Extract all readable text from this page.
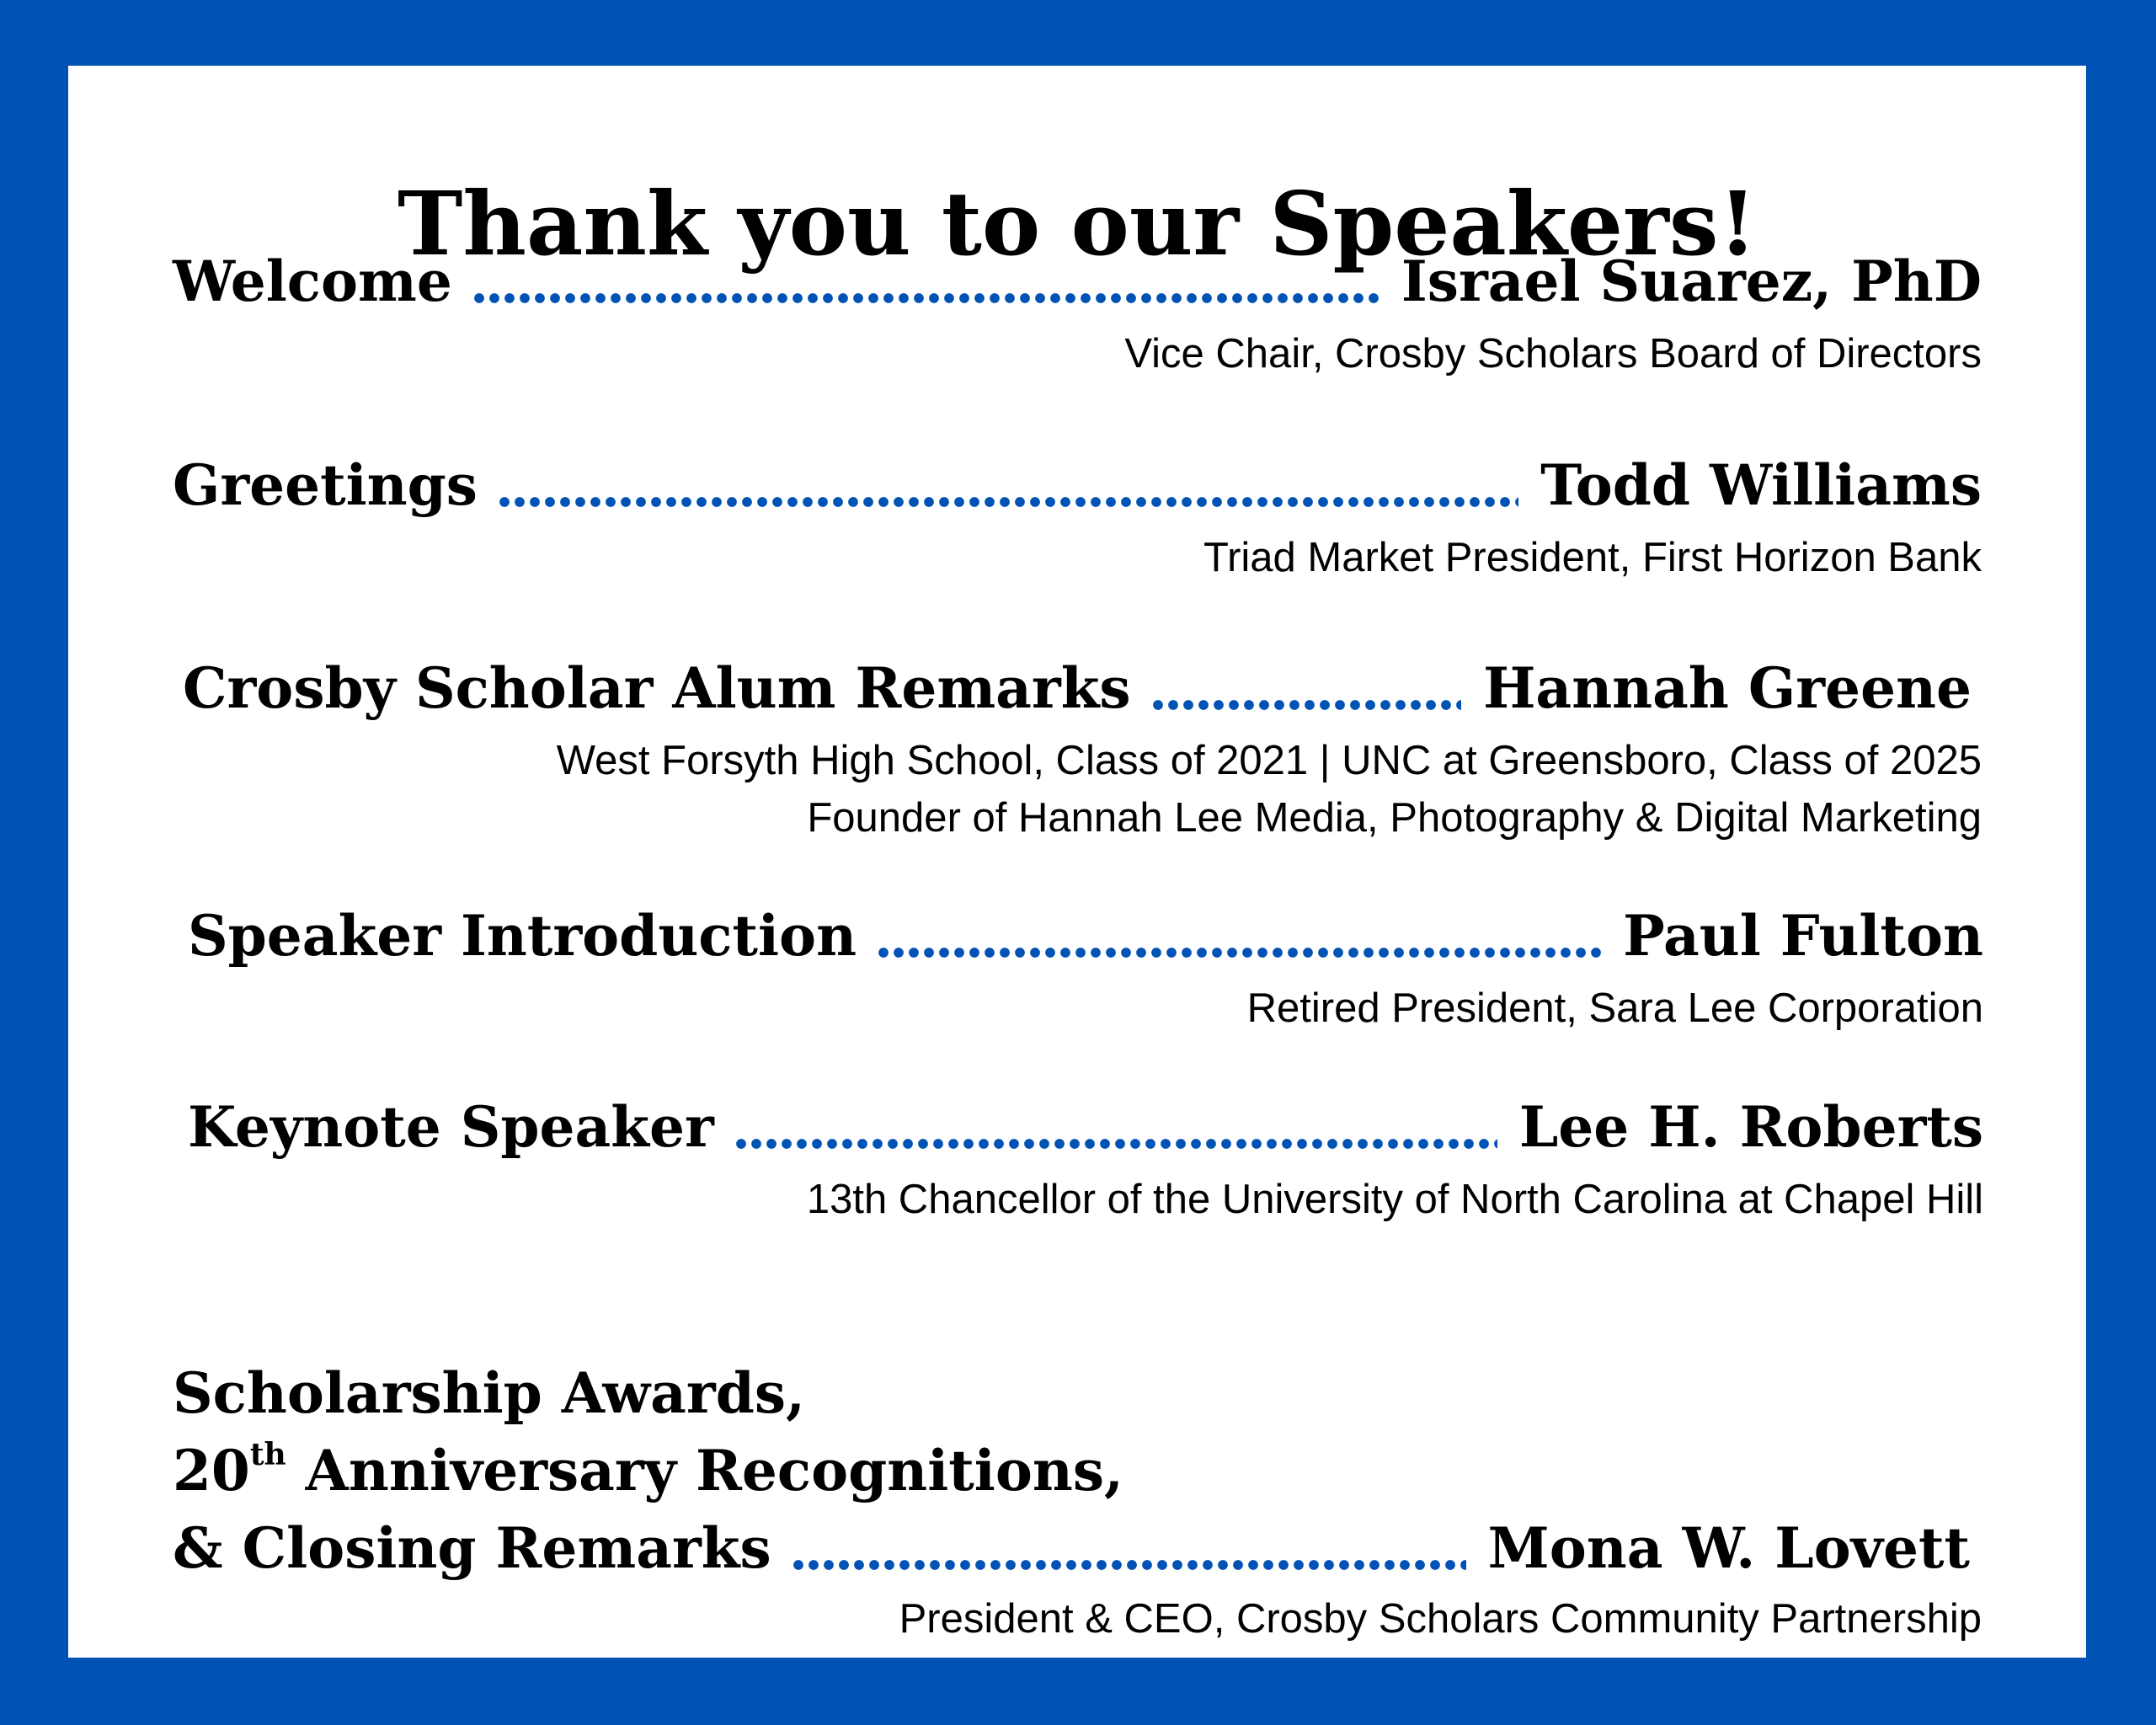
Thank you to our Speakers!
Welcome	Israel Suarez, PhD

Vice Chair, Crosby Scholars Board of Directors

Greetings	Todd Williams

Triad Market President, First Horizon Bank

Crosby Scholar Alum Remarks	Hannah Greene

West Forsyth High School, Class of 2021 | UNC at Greensboro, Class of 2025

Founder of Hannah Lee Media, Photography & Digital Marketing

Speaker Introduction	Paul Fulton

Retired President, Sara Lee Corporation

Keynote Speaker	Lee H. Roberts

13th Chancellor of the University of North Carolina at Chapel Hill

Scholarship Awards,
20th Anniversary Recognitions,
& Closing Remarks	Mona W. Lovett

President & CEO, Crosby Scholars Community Partnership
